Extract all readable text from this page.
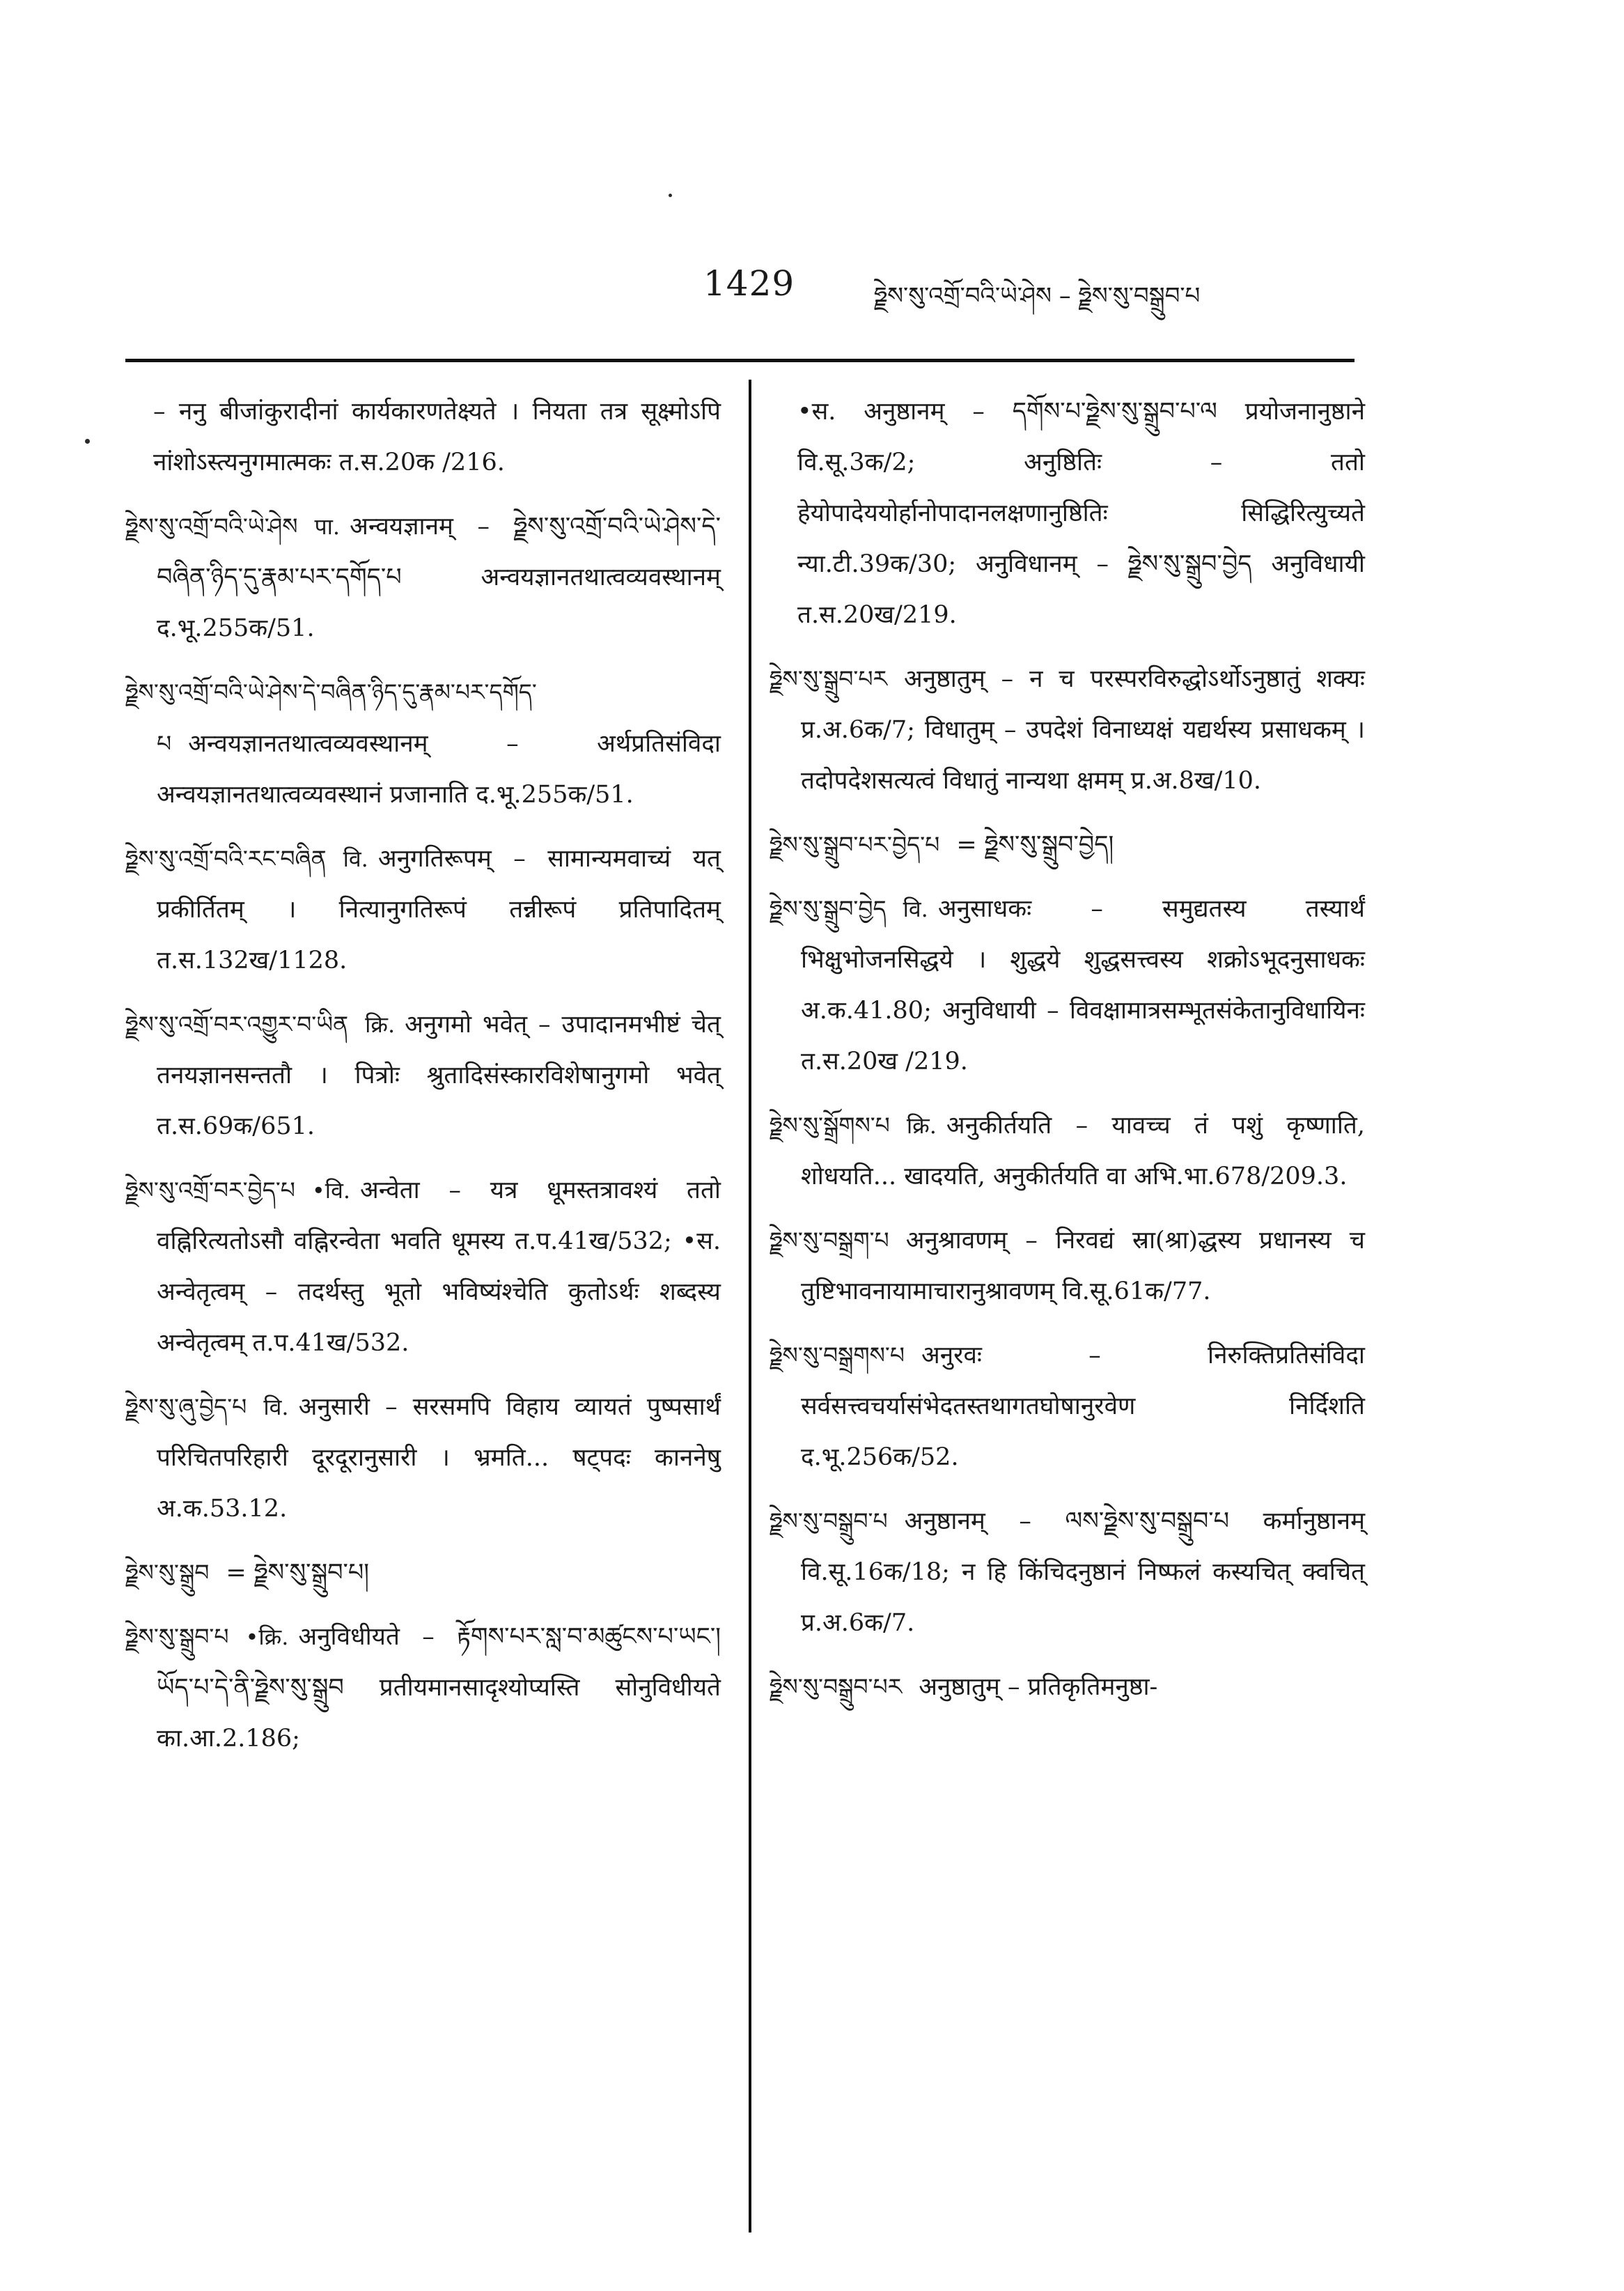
1429	ཧྗེས་སུ་འགྲོ་བའི་ཡེ་ཤེས – ཧྗེས་སུ་བསྒྲུབ་པ
– ननु बीजांकुरादीनां कार्यकारणतेक्ष्यते । नियता तत्र सूक्ष्मोऽपि नांशोऽस्त्यनुगमात्मकः त.स.20क /216.
ཧྗེས་སུ་འགྲོ་བའི་ཡེ་ཤེས पा. अन्वयज्ञानम् – ཧྗེས་སུ་འགྲོ་བའི་ཡེ་ཤེས་དེ་བཞིན་ཉིད་དུ་རྣམ་པར་དགོད་པ अन्वयज्ञानतथात्वव्यवस्थानम् द.भू.255क/51.
ཧྗེས་སུ་འགྲོ་བའི་ཡེ་ཤེས་དེ་བཞིན་ཉིད་དུ་རྣམ་པར་དགོད་པ अन्वयज्ञानतथात्वव्यवस्थानम् – अर्थप्रतिसंविदा अन्वयज्ञानतथात्वव्यवस्थानं प्रजानाति द.भू.255क/51.
ཧྗེས་སུ་འགྲོ་བའི་རང་བཞིན वि. अनुगतिरूपम् – सामान्यमवाच्यं यत् प्रकीर्तितम् । नित्यानुगतिरूपं तन्नीरूपं प्रतिपादितम् त.स.132ख/1128.
ཧྗེས་སུ་འགྲོ་བར་འགྱུར་བ་ཡིན क्रि. अनुगमो भवेत् – उपादानमभीष्टं चेत् तनयज्ञानसन्ततौ । पित्रोः श्रुतादिसंस्कारविशेषानुगमो भवेत् त.स.69क/651.
ཧྗེས་སུ་འགྲོ་བར་བྱེད་པ •वि. अन्वेता – यत्र धूमस्तत्रावश्यं ततो वह्निरित्यतोऽसौ वह्निरन्वेता भवति धूमस्य त.प.41ख/532; •स. अन्वेतृत्वम् – तदर्थस्तु भूतो भविष्यंश्चेति कुतोऽर्थः शब्दस्य अन्वेतृत्वम् त.प.41ख/532.
ཧྗེས་སུ་ཞུ་བྱེད་པ वि. अनुसारी – सरसमपि विहाय व्यायतं पुष्पसार्थं परिचितपरिहारी दूरदूरानुसारी । भ्रमति... षट्पदः काननेषु अ.क.53.12.
ཧྗེས་སུ་སྒྲུབ = ཧྗེས་སུ་སྒྲུབ་པ།
ཧྗེས་སུ་སྒྲུབ་པ •क्रि. अनुविधीयते – རྟོགས་པར་སླ་བ་མཚུངས་པ་ཡང་། ཡོད་པ་དེ་ནི་ཧྗེས་སུ་སྒྲུབ प्रतीयमानसादृश्योप्यस्ति सोनुविधीयते का.आ.2.186;
•स. अनुष्ठानम् – དགོས་པ་ཧྗེས་སུ་སྒྲུབ་པ་ལ प्रयोजनानुष्ठाने वि.सू.3क/2; अनुष्ठितिः – ततो हेयोपादेययोर्हानोपादानलक्षणानुष्ठितिः सिद्धिरित्युच्यते न्या.टी.39क/30; अनुविधानम् – ཧྗེས་སུ་སྒྲུབ་བྱེད अनुविधायी त.स.20ख/219.
ཧྗེས་སུ་སྒྲུབ་པར अनुष्ठातुम् – न च परस्परविरुद्धोऽर्थोऽनुष्ठातुं शक्यः प्र.अ.6क/7; विधातुम् – उपदेशं विनाध्यक्षं यद्यर्थस्य प्रसाधकम् । तदोपदेशसत्यत्वं विधातुं नान्यथा क्षमम् प्र.अ.8ख/10.
ཧྗེས་སུ་སྒྲུབ་པར་བྱེད་པ = ཧྗེས་སུ་སྒྲུབ་བྱེད།
ཧྗེས་སུ་སྒྲུབ་བྱེད वि. अनुसाधकः – समुद्यतस्य तस्यार्थं भिक्षुभोजनसिद्धये । शुद्धये शुद्धसत्त्वस्य शक्रोऽभूदनुसाधकः अ.क.41.80; अनुविधायी – विवक्षामात्रसम्भूतसंकेतानुविधायिनः त.स.20ख /219.
ཧྗེས་སུ་སྒྲོགས་པ क्रि. अनुकीर्तयति – यावच्च तं पशुं कृष्णाति, शोधयति... खादयति, अनुकीर्तयति वा अभि.भा.678/209.3.
ཧྗེས་སུ་བསྒྲག་པ अनुश्रावणम् – निरवद्यं स्रा(श्रा)द्धस्य प्रधानस्य च तुष्टिभावनायामाचारानुश्रावणम् वि.सू.61क/77.
ཧྗེས་སུ་བསྒྲགས་པ अनुरवः – निरुक्तिप्रतिसंविदा सर्वसत्त्वचर्यासंभेदतस्तथागतघोषानुरवेण निर्दिशति द.भू.256क/52.
ཧྗེས་སུ་བསྒྲུབ་པ अनुष्ठानम् – ལས་ཧྗེས་སུ་བསྒྲུབ་པ कर्मानुष्ठानम् वि.सू.16क/18; न हि किंचिदनुष्ठानं निष्फलं कस्यचित् क्वचित् प्र.अ.6क/7.
ཧྗེས་སུ་བསྒྲུབ་པར अनुष्ठातुम् – प्रतिकृतिमनुष्ठा-
